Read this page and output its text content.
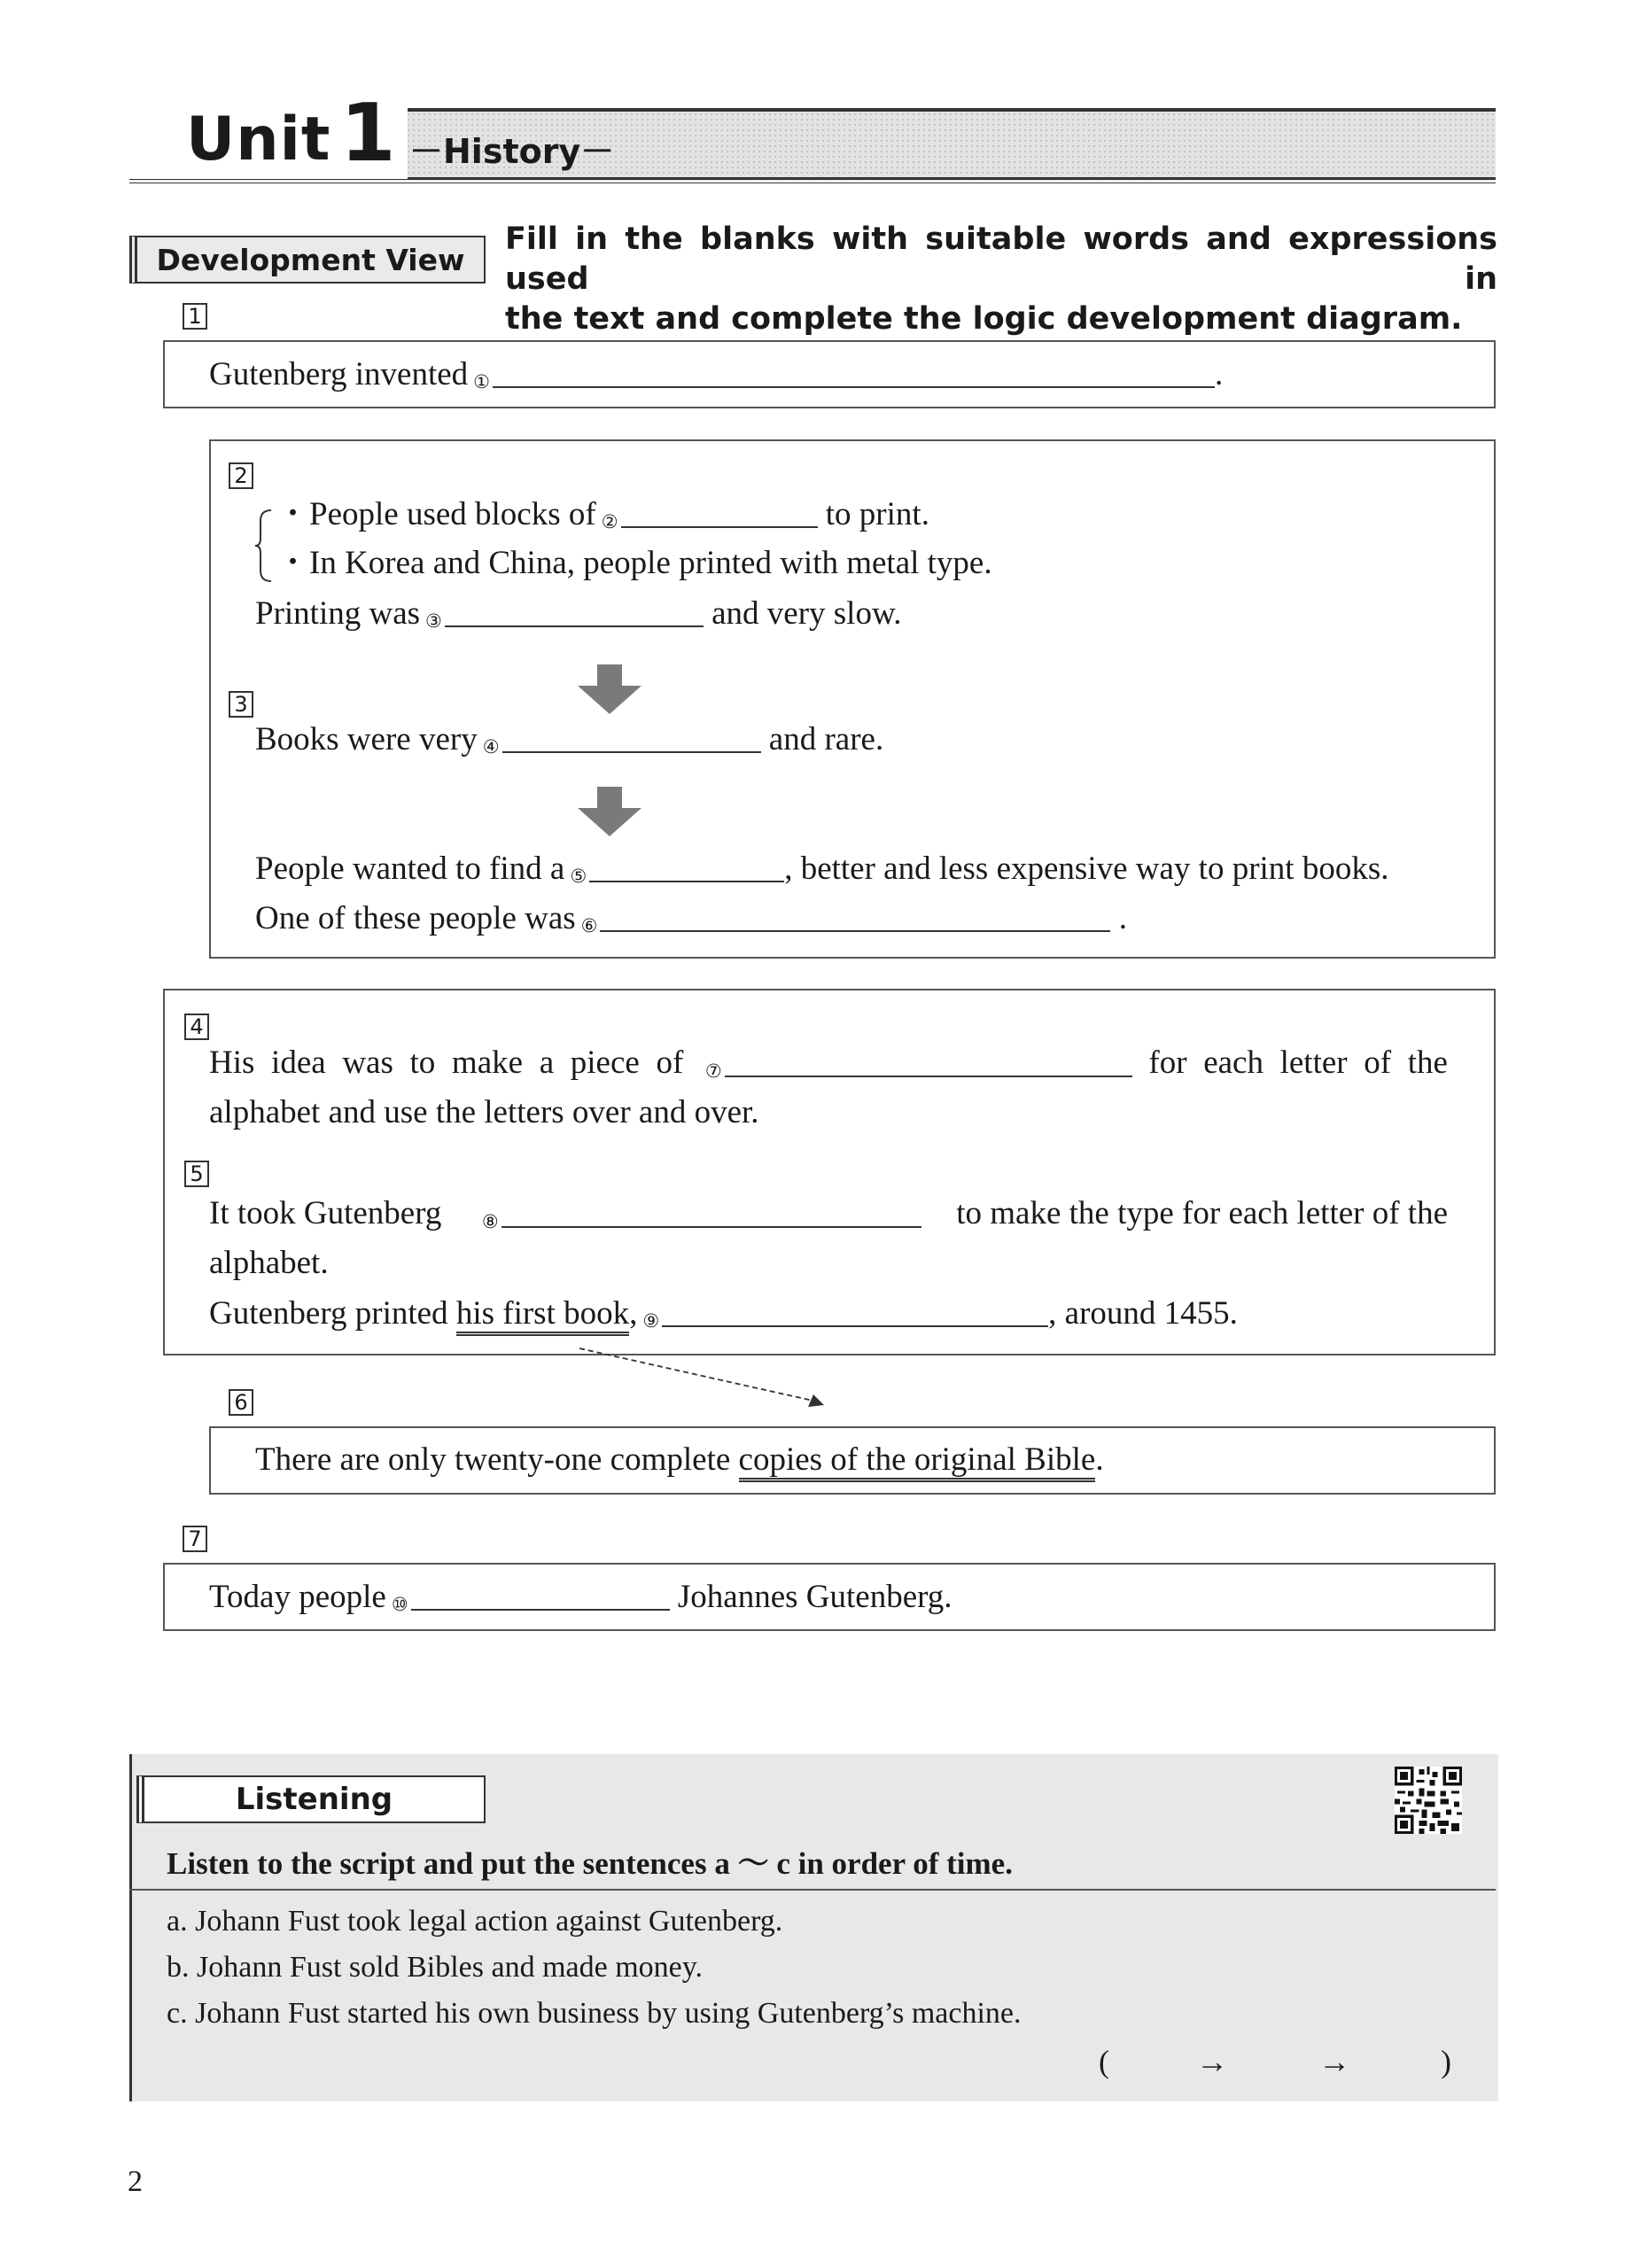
Unit 1 －History－
Development View
Fill in the blanks with suitable words and expressions used in
the text and complete the logic development diagram.
1
Gutenberg invented ①	.
2
・People used blocks of ②	to print.
・In Korea and China, people printed with metal type.
Printing was ③	and very slow.
3
Books were very ④	and rare.
People wanted to find a ⑤	, better and less expensive way to print books.
One of these people was ⑥	.
4
His idea was to make a piece of ⑦	for each letter of the
alphabet and use the letters over and over.
5
It took Gutenberg ⑧	to make the type for each letter of the
alphabet.
Gutenberg printed his first book, ⑨	, around 1455.
6
There are only twenty-one complete copies of the original Bible.
7
Today people ⑩	Johannes Gutenberg.
Listening
Listen to the script and put the sentences a ～ c in order of time.
a. Johann Fust took legal action against Gutenberg.
b. Johann Fust sold Bibles and made money.
c. Johann Fust started his own business by using Gutenberg’s machine.
(	→	→	)
2
